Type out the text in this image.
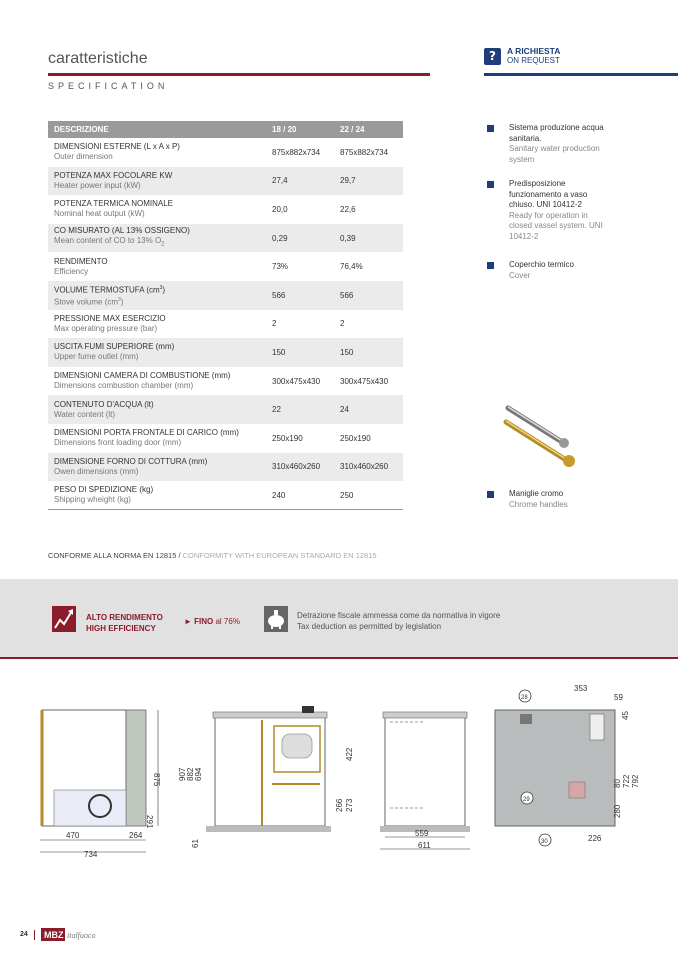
caratteristiche
SPECIFICATION
?	A RICHIESTA
ON REQUEST
DESCRIZIONE	18 / 20	22 / 24

DIMENSIONI ESTERNE (L x A x P)
Outer dimension	875x882x734	875x882x734

POTENZA MAX FOCOLARE KW
Heater power input (kW)	27,4	29,7

POTENZA TERMICA NOMINALE
Nominal heat output (kW)	20,0	22,6

CO MISURATO (AL 13% OSSIGENO)
Mean content of CO to 13% $O_2$	0,29	0,39

RENDIMENTO
Efficiency	73%	76,4%

VOLUME TERMOSTUFA $(cm^3)$
Stove volume $(cm^3)$	566	566

PRESSIONE MAX ESERCIZIO
Max operating pressure (bar)	2	2

USCITA FUMI SUPERIORE (mm)
Upper fume outlet (mm)	150	150

DIMENSIONI CAMERA DI COMBUSTIONE (mm)
Dimensions combustion chamber (mm)	300x475x430	300x475x430

CONTENUTO D'ACQUA (lt)
Water content (lt)	22	24

DIMENSIONI PORTA FRONTALE DI CARICO (mm)
Dimensions front loading door (mm)	250x190	250x190

DIMENSIONE FORNO DI COTTURA (mm)
Owen dimensions (mm)	310x460x260	310x460x260

PESO DI SPEDIZIONE (kg)
Shipping wheight (kg)	240	250
Sistema produzione acqua sanitaria.
Sanitary water production system
Predisposizione funzionamento a vaso chiuso. UNI 10412-2
Ready for operation in closed vassel system. UNI 10412-2
Coperchio termico
Cover
Maniglie cromo
Chrome handles
CONFORME ALLA NORMA EN 12815 / CONFORMITY WITH EUROPEAN STANDARD EN 12815
ALTO RENDIMENTO
HIGH EFFICIENCY
► FINO al 76%
Detrazione fiscale ammessa come da normativa in vigore
Tax deduction as permitted by legislation
875
470	264
734
291
907 882 694
422
266 273
61
559
611
28
29
30
353
59
45
80 722 792
280
226
24 MBZ italfuoco
